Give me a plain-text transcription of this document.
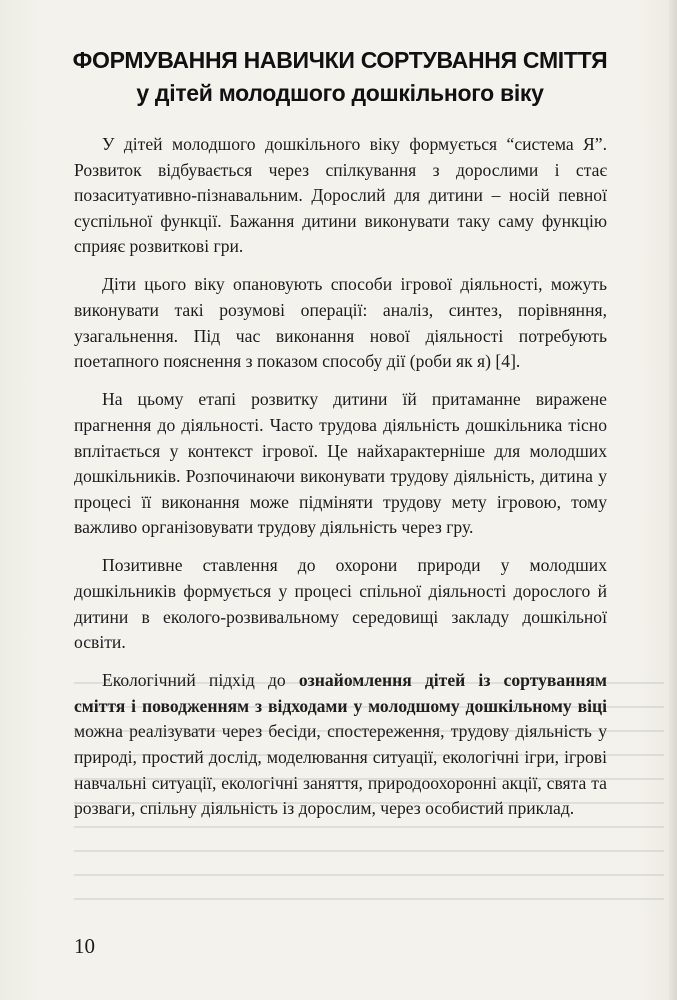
ФОРМУВАННЯ НАВИЧКИ СОРТУВАННЯ СМІТТЯ
у дітей молодшого дошкільного віку

У дітей молодшого дошкільного віку формується “система Я”. Розвиток відбувається через спілкування з дорослими і стає позаситуативно-пізнавальним. Дорослий для дитини – носій певної суспільної функції. Бажання дитини виконувати таку саму функцію сприяє розвиткові гри.

Діти цього віку опановують способи ігрової діяльності, можуть виконувати такі розумові операції: аналіз, синтез, порівняння, узагальнення. Під час виконання нової діяльності потребують поетапного пояснення з показом способу дії (роби як я) [4].

На цьому етапі розвитку дитини їй притаманне виражене прагнення до діяльності. Часто трудова діяльність дошкільника тісно вплітається у контекст ігрової. Це найхарактерніше для молодших дошкільників. Розпочинаючи виконувати трудову діяльність, дитина у процесі її виконання може підміняти трудову мету ігровою, тому важливо організовувати трудову діяльність через гру.

Позитивне ставлення до охорони природи у молодших дошкільників формується у процесі спільної діяльності дорослого й дитини в еколого-розвивальному середовищі закладу дошкільної освіти.

Екологічний підхід до ознайомлення дітей із сортуванням сміття і поводженням з відходами у молодшому дошкільному віці можна реалізувати через бесіди, спостереження, трудову діяльність у природі, простий дослід, моделювання ситуації, екологічні ігри, ігрові навчальні ситуації, екологічні заняття, природоохоронні акції, свята та розваги, спільну діяльність із дорослим, через особистий приклад.

10
